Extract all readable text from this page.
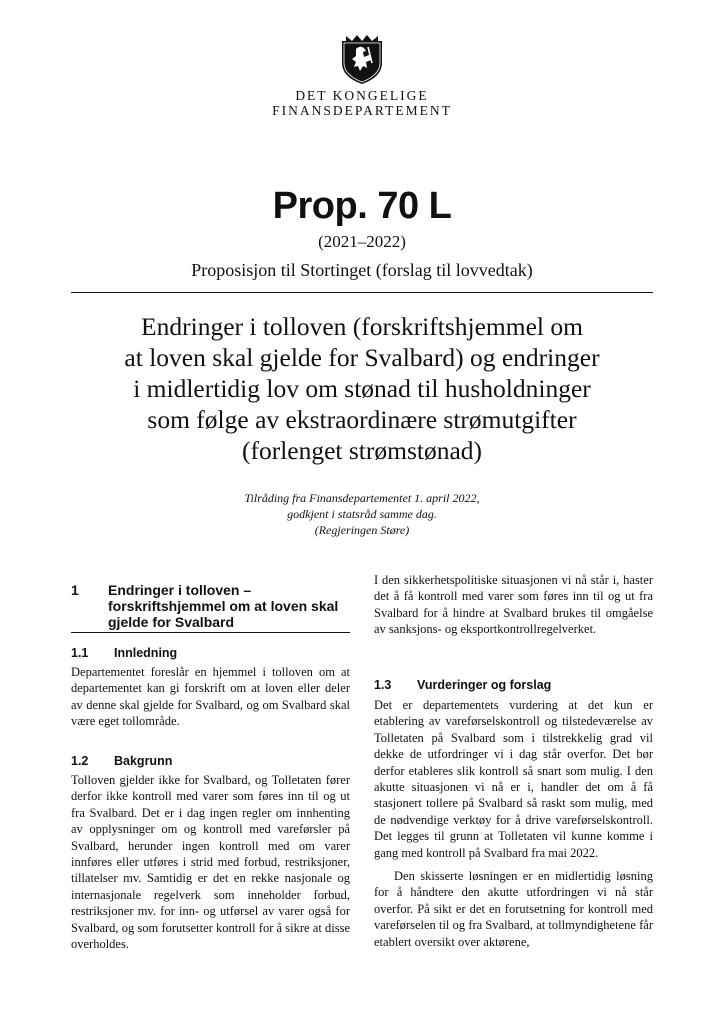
DET KONGELIGE
FINANSDEPARTEMENT
Prop. 70 L
(2021–2022)
Proposisjon til Stortinget (forslag til lovvedtak)
Endringer i tolloven (forskriftshjemmel om
at loven skal gjelde for Svalbard) og endringer
i midlertidig lov om stønad til husholdninger
som følge av ekstraordinære strømutgifter
(forlenget strømstønad)
Tilråding fra Finansdepartementet 1. april 2022,
godkjent i statsråd samme dag.
(Regjeringen Støre)
1 Endringer i tolloven – forskriftshjemmel om at loven skal gjelde for Svalbard
1.1 Innledning
Departementet foreslår en hjemmel i tolloven om at departementet kan gi forskrift om at loven eller deler av denne skal gjelde for Svalbard, og om Svalbard skal være eget tollområde.
1.2 Bakgrunn
Tolloven gjelder ikke for Svalbard, og Tolletaten fører derfor ikke kontroll med varer som føres inn til og ut fra Svalbard. Det er i dag ingen regler om innhenting av opplysninger om og kontroll med vareførsler på Svalbard, herunder ingen kontroll med om varer innføres eller utføres i strid med forbud, restriksjoner, tillatelser mv. Samtidig er det en rekke nasjonale og internasjonale regelverk som inneholder forbud, restriksjoner mv. for inn- og utførsel av varer også for Svalbard, og som forutsetter kontroll for å sikre at disse overholdes.
I den sikkerhetspolitiske situasjonen vi nå står i, haster det å få kontroll med varer som føres inn til og ut fra Svalbard for å hindre at Svalbard brukes til omgåelse av sanksjons- og eksportkontrollregelverket.
1.3 Vurderinger og forslag
Det er departementets vurdering at det kun er etablering av vareførselskontroll og tilstedeværelse av Tolletaten på Svalbard som i tilstrekkelig grad vil dekke de utfordringer vi i dag står overfor. Det bør derfor etableres slik kontroll så snart som mulig. I den akutte situasjonen vi nå er i, handler det om å få stasjonert tollere på Svalbard så raskt som mulig, med de nødvendige verktøy for å drive vareførselskontroll. Det legges til grunn at Tolletaten vil kunne komme i gang med kontroll på Svalbard fra mai 2022.
Den skisserte løsningen er en midlertidig løsning for å håndtere den akutte utfordringen vi nå står overfor. På sikt er det en forutsetning for kontroll med vareførselen til og fra Svalbard, at tollmyndighetene får etablert oversikt over aktørene,
